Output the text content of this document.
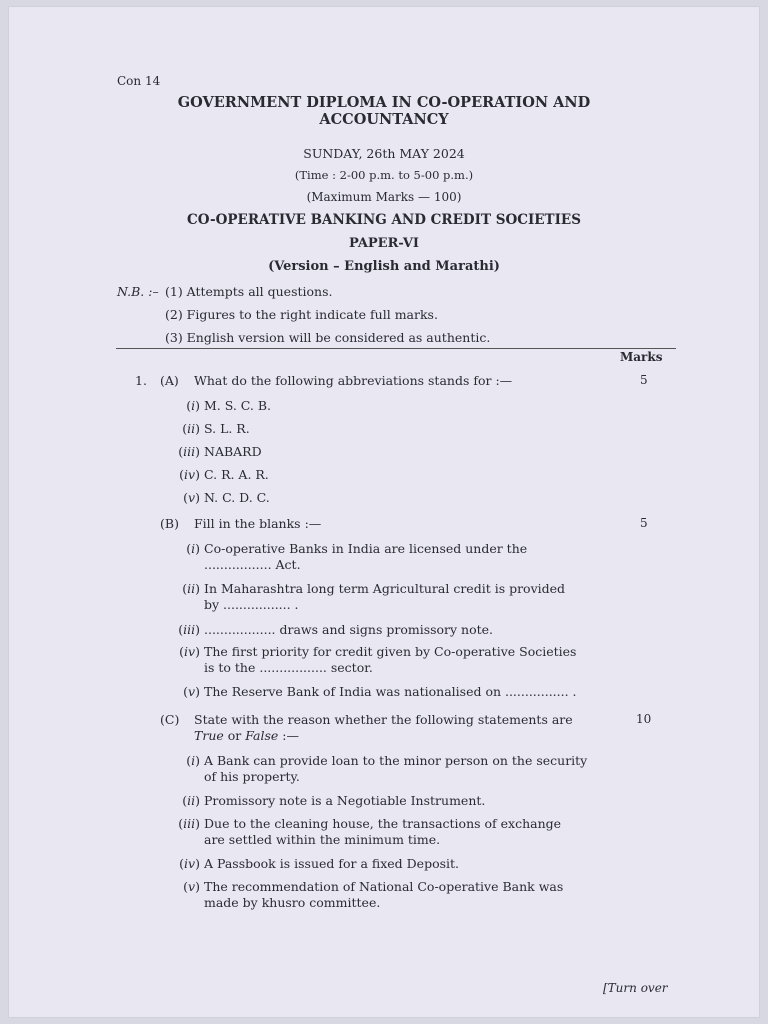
Con 14
GOVERNMENT DIPLOMA IN CO-OPERATION AND
ACCOUNTANCY
SUNDAY, 26th MAY 2024
(Time : 2-00 p.m. to 5-00 p.m.)
(Maximum Marks — 100)
CO-OPERATIVE BANKING AND CREDIT SOCIETIES
PAPER-VI
(Version – English and Marathi)
N.B. :– (1) Attempts all questions.
(2) Figures to the right indicate full marks.
(3) English version will be considered as authentic.
Marks
1. (A) What do the following abbreviations stands for :—	5
(i) M. S. C. B.
(ii) S. L. R.
(iii) NABARD
(iv) C. R. A. R.
(v) N. C. D. C.
(B) Fill in the blanks :—	5
(i) Co-operative Banks in India are licensed under the
................. Act.
(ii) In Maharashtra long term Agricultural credit is provided
by ................. .
(iii) .................. draws and signs promissory note.
(iv) The first priority for credit given by Co-operative Societies
is to the ................. sector.
(v) The Reserve Bank of India was nationalised on ................ .
(C) State with the reason whether the following statements are
True or False :—
10
(i) A Bank can provide loan to the minor person on the security
of his property.
(ii) Promissory note is a Negotiable Instrument.
(iii) Due to the cleaning house, the transactions of exchange
are settled within the minimum time.
(iv) A Passbook is issued for a fixed Deposit.
(v) The recommendation of National Co-operative Bank was
made by khusro committee.
[Turn over
